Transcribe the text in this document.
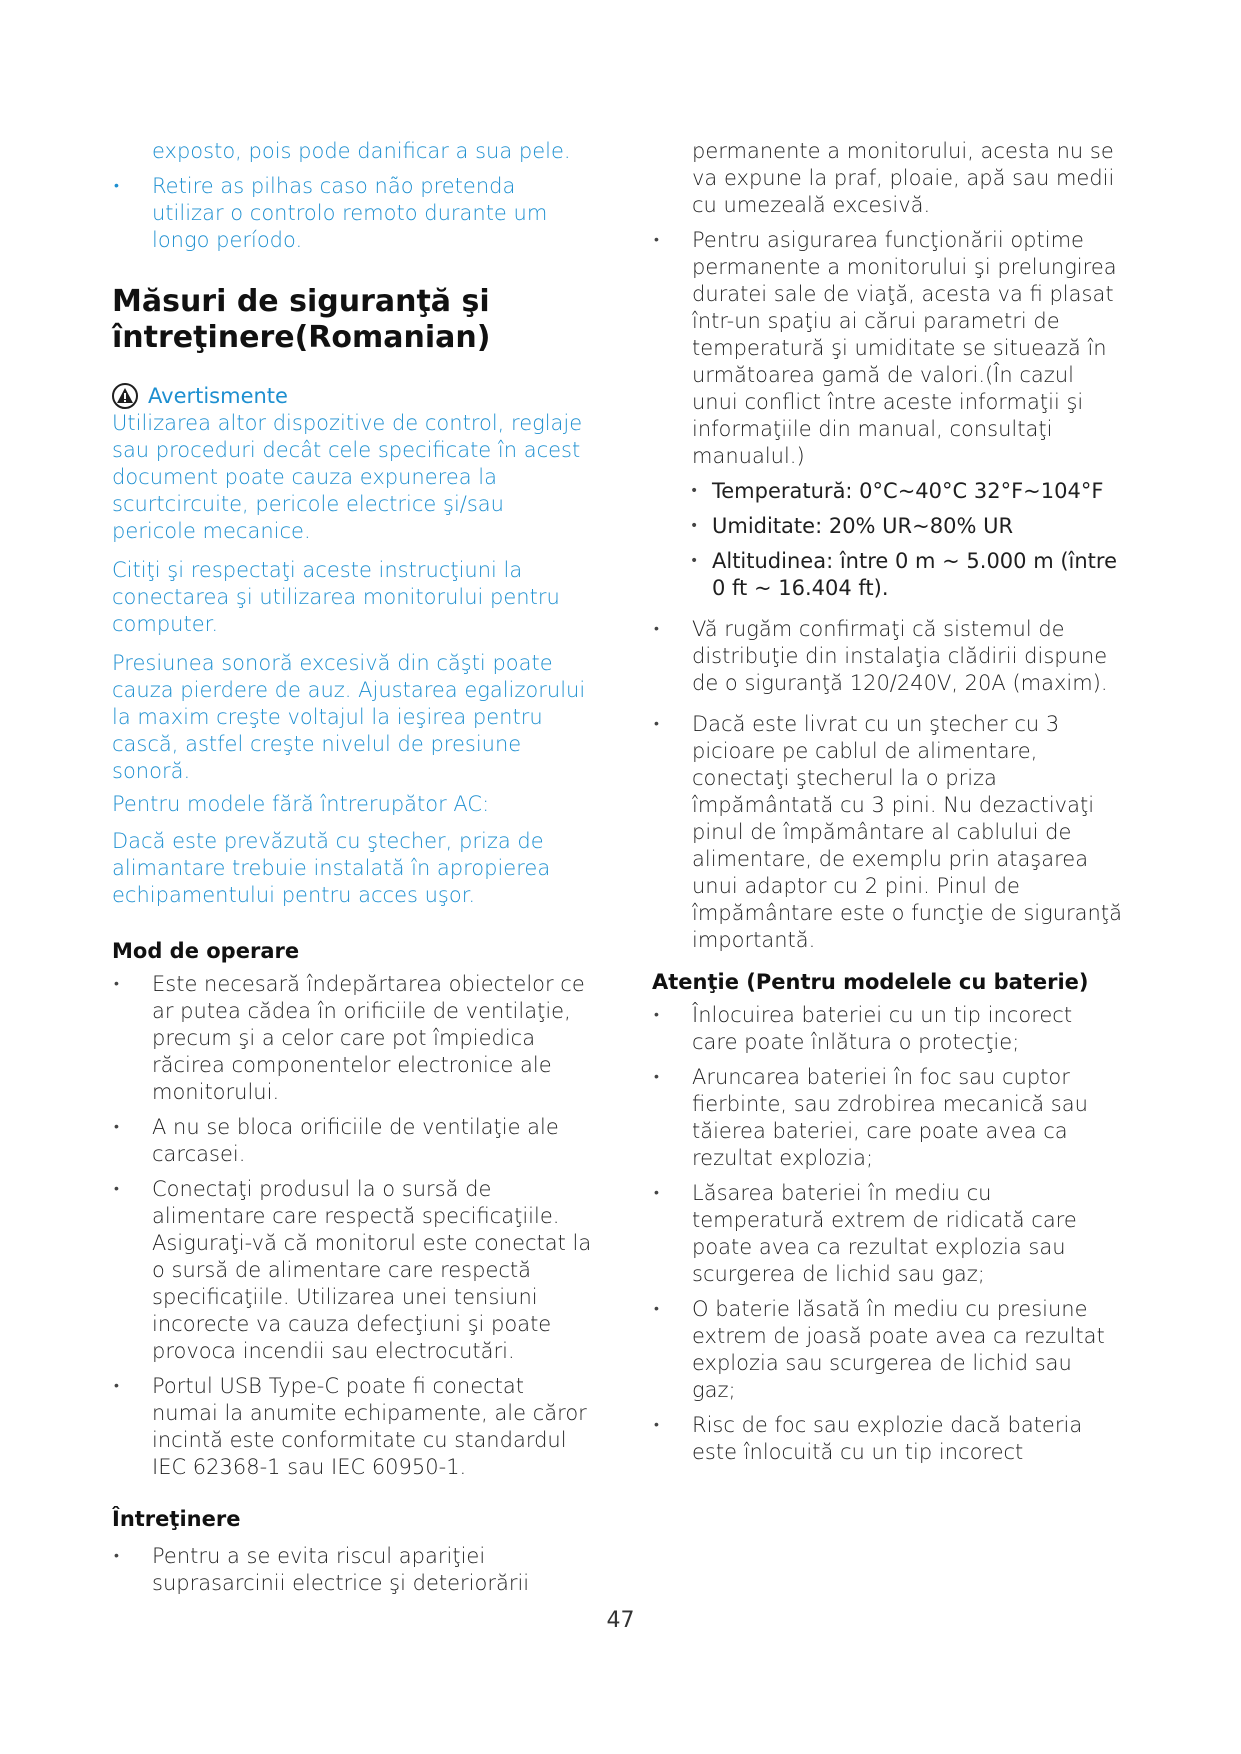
exposto, pois pode danificar a sua pele.

• Retire as pilhas caso não pretenda utilizar o controlo remoto durante um longo período.
Măsuri de siguranţă şi întreţinere(Romanian)
Avertismente

Utilizarea altor dispozitive de control, reglaje sau proceduri decât cele specificate în acest document poate cauza expunerea la scurtcircuite, pericole electrice şi/sau pericole mecanice.

Citiţi şi respectaţi aceste instrucţiuni la conectarea şi utilizarea monitorului pentru computer.

Presiunea sonoră excesivă din căşti poate cauza pierdere de auz. Ajustarea egalizorului la maxim creşte voltajul la ieşirea pentru cască, astfel creşte nivelul de presiune sonoră.

Pentru modele fără întrerupător AC:

Dacă este prevăzută cu ştecher, priza de alimantare trebuie instalată în apropierea echipamentului pentru acces uşor.

Mod de operare
• Este necesară îndepărtarea obiectelor ce ar putea cădea în orificiile de ventilaţie, precum şi a celor care pot împiedica răcirea componentelor electronice ale monitorului.
• A nu se bloca orificiile de ventilaţie ale carcasei.
• Conectaţi produsul la o sursă de alimentare care respectă specificaţiile. Asiguraţi-vă că monitorul este conectat la o sursă de alimentare care respectă specificaţiile. Utilizarea unei tensiuni incorecte va cauza defecţiuni şi poate provoca incendii sau electrocutări.
• Portul USB Type-C poate fi conectat numai la anumite echipamente, ale căror incintă este conformitate cu standardul IEC 62368-1 sau IEC 60950-1.
Întreţinere
• Pentru a se evita riscul apariţiei suprasarcinii electrice şi deteriorării

permanente a monitorului, acesta nu se va expune la praf, ploaie, apă sau medii cu umezeală excesivă.

• Pentru asigurarea funcţionării optime permanente a monitorului şi prelungirea duratei sale de viaţă, acesta va fi plasat într-un spaţiu ai cărui parametri de temperatură şi umiditate se situează în următoarea gamă de valori.(În cazul unui conflict între aceste informaţii şi informaţiile din manual, consultaţi manualul.)
• Temperatură: 0°C~40°C 32°F~104°F
• Umiditate: 20% UR~80% UR
• Altitudinea: între 0 m ~ 5.000 m (între 0 ft ~ 16.404 ft).
• Vă rugăm confirmaţi că sistemul de distribuţie din instalaţia clădirii dispune de o siguranţă 120/240V, 20A (maxim).
• Dacă este livrat cu un ştecher cu 3 picioare pe cablul de alimentare, conectaţi ştecherul la o priza împământată cu 3 pini. Nu dezactivaţi pinul de împământare al cablului de alimentare, de exemplu prin ataşarea unui adaptor cu 2 pini. Pinul de împământare este o funcţie de siguranţă importantă.
Atenţie (Pentru modelele cu baterie)
• Înlocuirea bateriei cu un tip incorect care poate înlătura o protecţie;
• Aruncarea bateriei în foc sau cuptor fierbinte, sau zdrobirea mecanică sau tăierea bateriei, care poate avea ca rezultat explozia;
• Lăsarea bateriei în mediu cu temperatură extrem de ridicată care poate avea ca rezultat explozia sau scurgerea de lichid sau gaz;
• O baterie lăsată în mediu cu presiune extrem de joasă poate avea ca rezultat explozia sau scurgerea de lichid sau gaz;
• Risc de foc sau explozie dacă bateria este înlocuită cu un tip incorect
47
